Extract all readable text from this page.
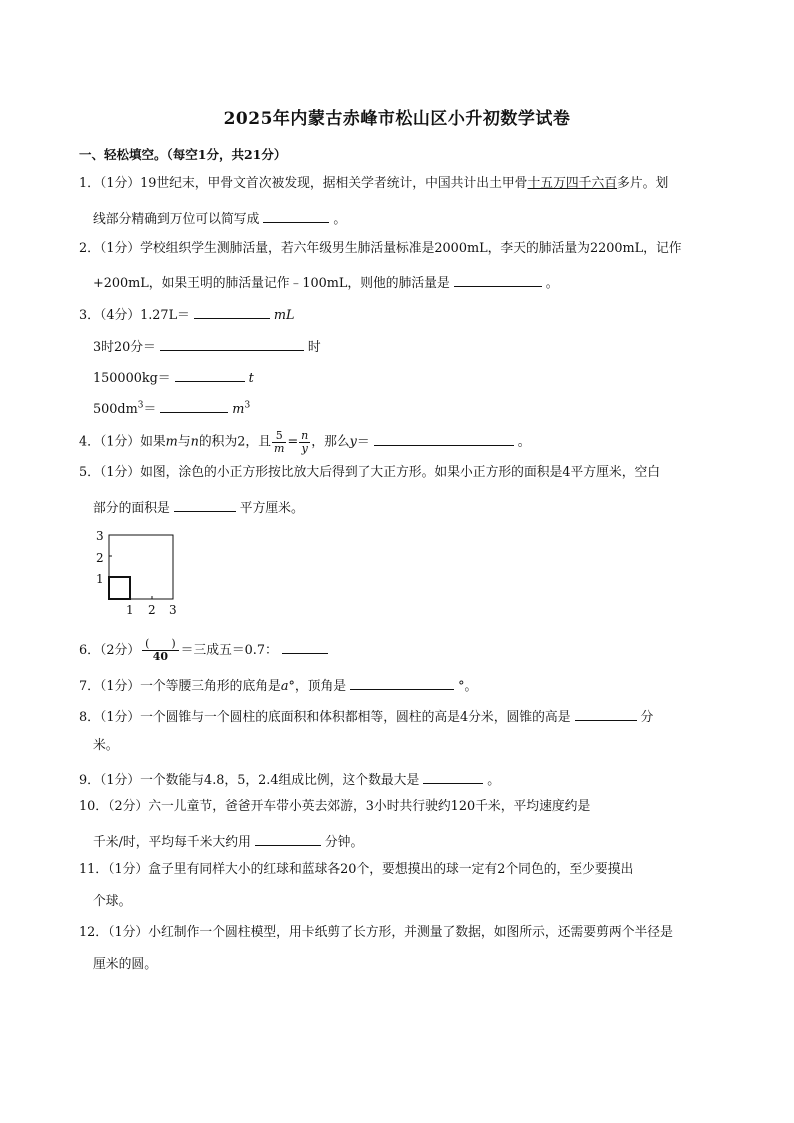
2025年内蒙古赤峰市松山区小升初数学试卷
一、轻松填空。（每空1分，共21分）
1．（1分）19世纪末，甲骨文首次被发现，据相关学者统计，中国共计出土甲骨十五万四千六百多片。划
线部分精确到万位可以简写成	。
2．（1分）学校组织学生测肺活量，若六年级男生肺活量标准是2000mL，李天的肺活量为2200mL，记作
+200mL，如果王明的肺活量记作﹣100mL，则他的肺活量是	。
3．（4分）1.27L＝	mL
3时20分＝	时
150000kg＝	t
$500dm^3=$	$m^3$
4．（1分）如果m与n的积为2，且 $\frac{5}{m} = \frac{n}{y}$ ，那么y＝	。
5．（1分）如图，涂色的小正方形按比放大后得到了大正方形。如果小正方形的面积是4平方厘米，空白
部分的面积是	平方厘米。
3
2
1
1 2 3
6．（2分） $\frac{( )}{40}$ ＝三成五＝0.7：
7．（1分）一个等腰三角形的底角是a°，顶角是	°。
8．（1分）一个圆锥与一个圆柱的底面积和体积都相等，圆柱的高是4分米，圆锥的高是	分
米。
9．（1分）一个数能与4.8，5，2.4组成比例，这个数最大是	。
10．（2分）六一儿童节，爸爸开车带小英去郊游，3小时共行驶约120千米，平均速度约是
千米/时，平均每千米大约用	分钟。
11．（1分）盒子里有同样大小的红球和蓝球各20个，要想摸出的球一定有2个同色的，至少要摸出
个球。
12．（1分）小红制作一个圆柱模型，用卡纸剪了长方形，并测量了数据，如图所示，还需要剪两个半径是
厘米的圆。
